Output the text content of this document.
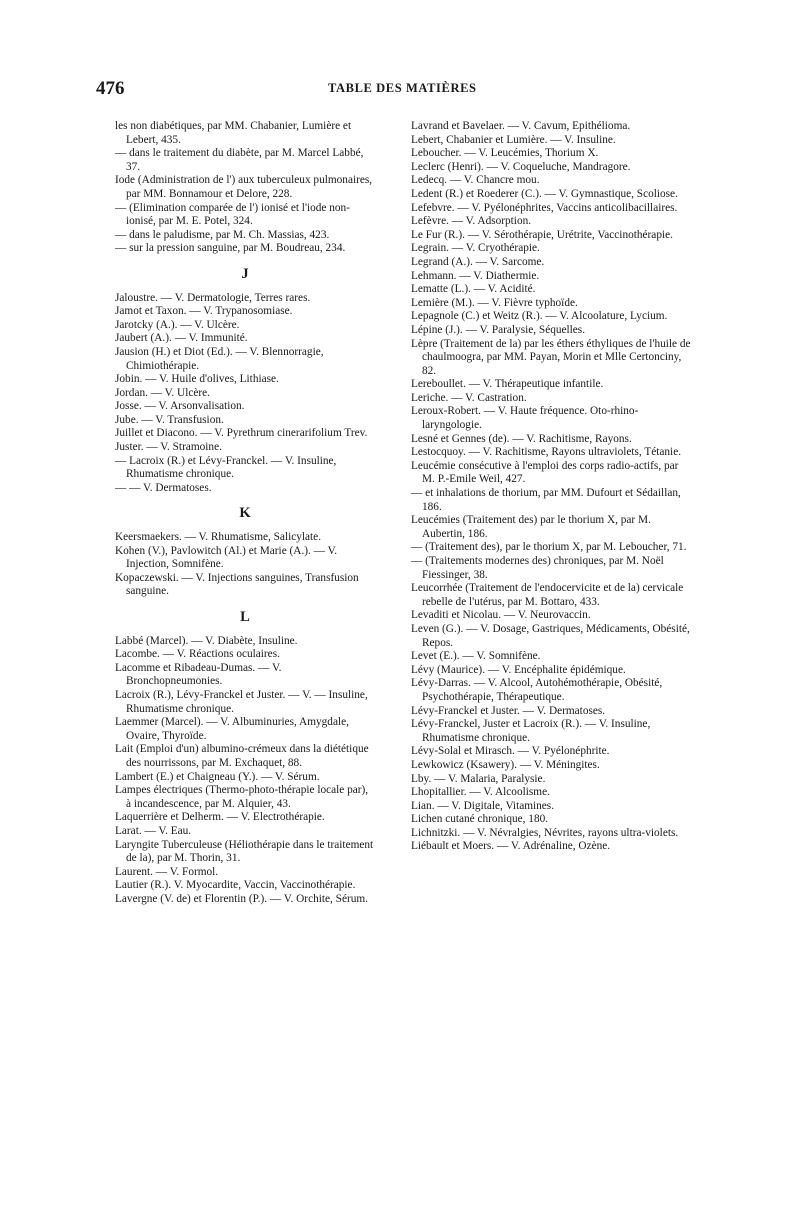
476	TABLE DES MATIÈRES

les non diabétiques, par MM. Chabanier, Lumière et Lebert, 435.

— dans le traitement du diabète, par M. Marcel Labbé, 37.

Iode (Administration de l') aux tuberculeux pulmonaires, par MM. Bonnamour et Delore, 228.

— (Elimination comparée de l') ionisé et l'iode non-ionisé, par M. E. Potel, 324.

— dans le paludisme, par M. Ch. Massias, 423.

— sur la pression sanguine, par M. Boudreau, 234.

J

Jaloustre. — V. Dermatologie, Terres rares.

Jamot et Taxon. — V. Trypanosomiase.

Jarotcky (A.). — V. Ulcère.

Jaubert (A.). — V. Immunité.

Jausion (H.) et Diot (Ed.). — V. Blennorragie, Chimiothérapie.

Jobin. — V. Huile d'olives, Lithiase.

Jordan. — V. Ulcère.

Josse. — V. Arsonvalisation.

Jube. — V. Transfusion.

Juillet et Diacono. — V. Pyrethrum cinerarifolium Trev.

Juster. — V. Stramoine.

— Lacroix (R.) et Lévy-Franckel. — V. Insuline, Rhumatisme chronique.

— — V. Dermatoses.

K

Keersmaekers. — V. Rhumatisme, Salicylate.

Kohen (V.), Pavlowitch (Al.) et Marie (A.). — V. Injection, Somnifène.

Kopaczewski. — V. Injections sanguines, Transfusion sanguine.

L

Labbé (Marcel). — V. Diabète, Insuline.

Lacombe. — V. Réactions oculaires.

Lacomme et Ribadeau-Dumas. — V. Bronchopneumonies.

Lacroix (R.), Lévy-Franckel et Juster. — V. — Insuline, Rhumatisme chronique.

Laemmer (Marcel). — V. Albuminuries, Amygdale, Ovaire, Thyroïde.

Lait (Emploi d'un) albumino-crémeux dans la diététique des nourrissons, par M. Exchaquet, 88.

Lambert (E.) et Chaigneau (Y.). — V. Sérum.

Lampes électriques (Thermo-photo-thérapie locale par), à incandescence, par M. Alquier, 43.

Laquerrière et Delherm. — V. Electrothérapie.

Larat. — V. Eau.

Laryngite Tuberculeuse (Héliothérapie dans le traitement de la), par M. Thorin, 31.

Laurent. — V. Formol.

Lautier (R.). V. Myocardite, Vaccin, Vaccinothérapie.

Lavergne (V. de) et Florentin (P.). — V. Orchite, Sérum.

Lavrand et Bavelaer. — V. Cavum, Epithélioma.

Lebert, Chabanier et Lumière. — V. Insuline.

Leboucher. — V. Leucémies, Thorium X.

Leclerc (Henri). — V. Coqueluche, Mandragore.

Ledecq. — V. Chancre mou.

Ledent (R.) et Roederer (C.). — V. Gymnastique, Scoliose.

Lefebvre. — V. Pyélonéphrites, Vaccins anticolibacillaires.

Lefèvre. — V. Adsorption.

Le Fur (R.). — V. Sérothérapie, Urétrite, Vaccinothérapie.

Legrain. — V. Cryothérapie.

Legrand (A.). — V. Sarcome.

Lehmann. — V. Diathermie.

Lematte (L.). — V. Acidité.

Lemière (M.). — V. Fièvre typhoïde.

Lepagnole (C.) et Weitz (R.). — V. Alcoolature, Lycium.

Lépine (J.). — V. Paralysie, Séquelles.

Lèpre (Traitement de la) par les éthers éthyliques de l'huile de chaulmoogra, par MM. Payan, Morin et Mlle Certonciny, 82.

Lereboullet. — V. Thérapeutique infantile.

Leriche. — V. Castration.

Leroux-Robert. — V. Haute fréquence. Oto-rhino-laryngologie.

Lesné et Gennes (de). — V. Rachitisme, Rayons.

Lestocquoy. — V. Rachitisme, Rayons ultraviolets, Tétanie.

Leucémie consécutive à l'emploi des corps radio-actifs, par M. P.-Emile Weil, 427.

— et inhalations de thorium, par MM. Dufourt et Sédaillan, 186.

Leucémies (Traitement des) par le thorium X, par M. Aubertin, 186.

— (Traitement des), par le thorium X, par M. Leboucher, 71.

— (Traitements modernes des) chroniques, par M. Noël Fiessinger, 38.

Leucorrhée (Traitement de l'endocervicite et de la) cervicale rebelle de l'utérus, par M. Bottaro, 433.

Levaditi et Nicolau. — V. Neurovaccin.

Leven (G.). — V. Dosage, Gastriques, Médicaments, Obésité, Repos.

Levet (E.). — V. Somnifène.

Lévy (Maurice). — V. Encéphalite épidémique.

Lévy-Darras. — V. Alcool, Autohémothérapie, Obésité, Psychothérapie, Thérapeutique.

Lévy-Franckel et Juster. — V. Dermatoses.

Lévy-Franckel, Juster et Lacroix (R.). — V. Insuline, Rhumatisme chronique.

Lévy-Solal et Mirasch. — V. Pyélonéphrite.

Lewkowicz (Ksawery). — V. Méningites.

Lby. — V. Malaria, Paralysie.

Lhopitallier. — V. Alcoolisme.

Lian. — V. Digitale, Vitamines.

Lichen cutané chronique, 180.

Lichnitzki. — V. Névralgies, Névrites, rayons ultra-violets.

Liébault et Moers. — V. Adrénaline, Ozène.
